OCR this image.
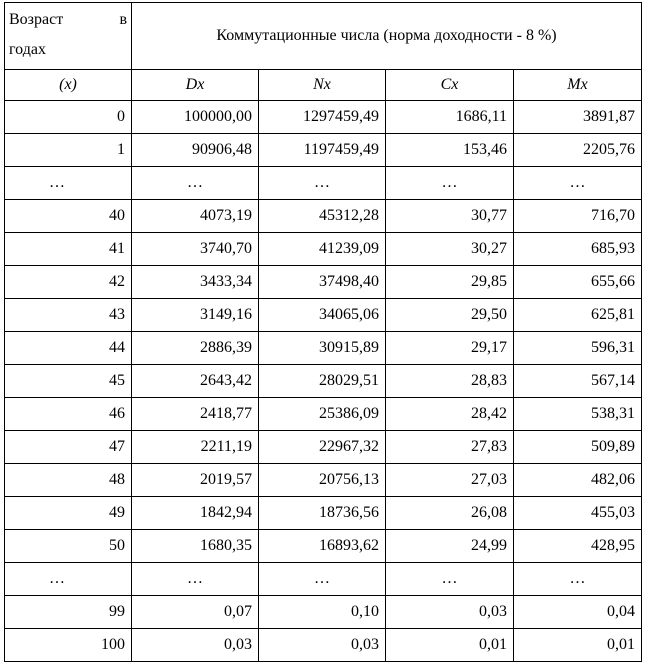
Возраст в
годах	Коммутационные числа (норма доходности - 8 %)			
(x)	Dx	Nx	Cx	Mx
0	100000,00	1297459,49	1686,11	3891,87
1	90906,48	1197459,49	153,46	2205,76
…	…	…	…	…
40	4073,19	45312,28	30,77	716,70
41	3740,70	41239,09	30,27	685,93
42	3433,34	37498,40	29,85	655,66
43	3149,16	34065,06	29,50	625,81
44	2886,39	30915,89	29,17	596,31
45	2643,42	28029,51	28,83	567,14
46	2418,77	25386,09	28,42	538,31
47	2211,19	22967,32	27,83	509,89
48	2019,57	20756,13	27,03	482,06
49	1842,94	18736,56	26,08	455,03
50	1680,35	16893,62	24,99	428,95
…	…	…	…	…
99	0,07	0,10	0,03	0,04
100	0,03	0,03	0,01	0,01
